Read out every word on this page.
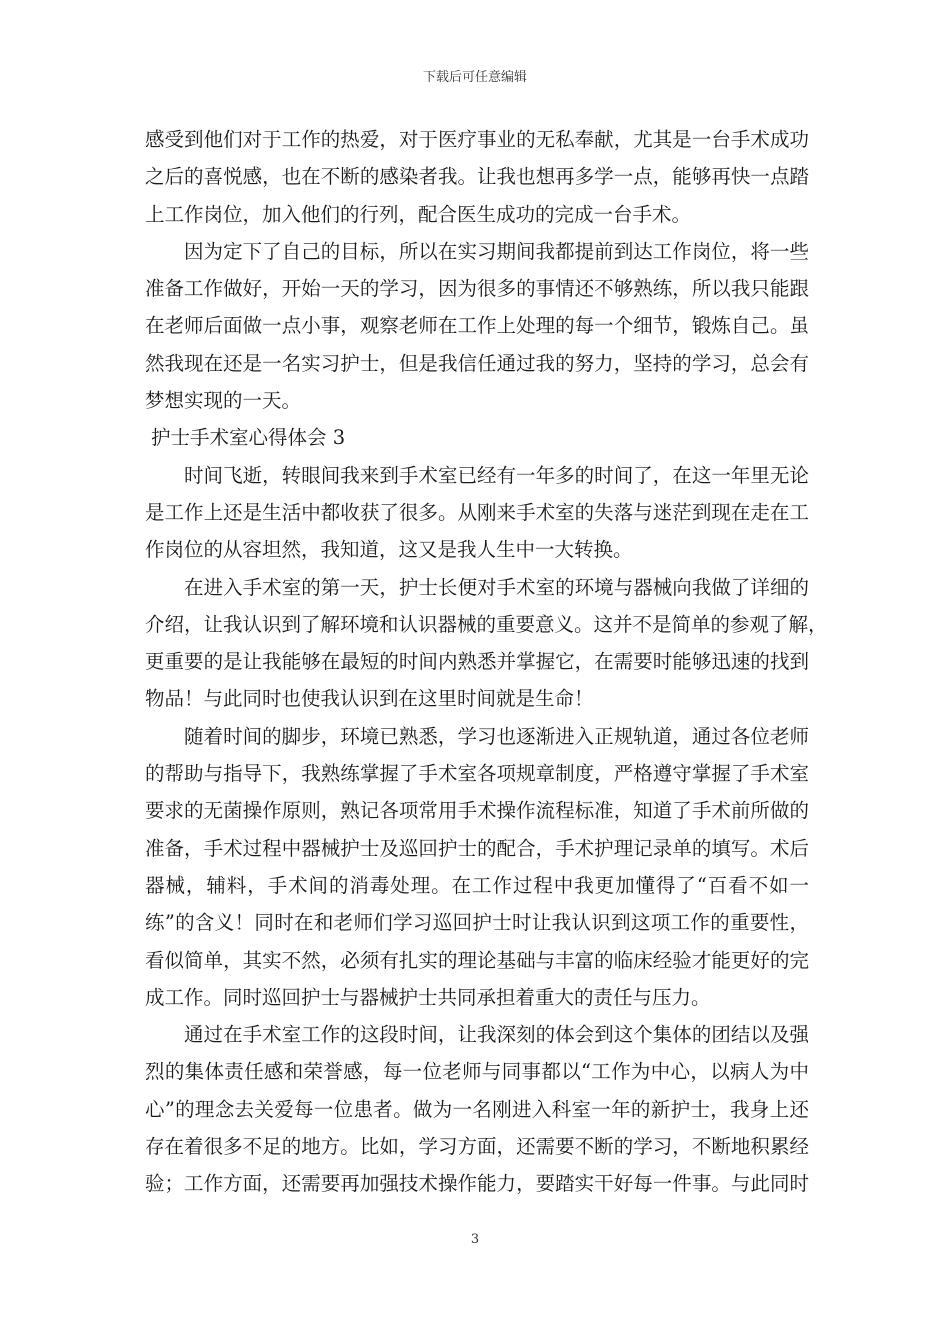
下载后可任意编辑
感受到他们对于工作的热爱，对于医疗事业的无私奉献，尤其是一台手术成功
之后的喜悦感，也在不断的感染者我。让我也想再多学一点，能够再快一点踏
上工作岗位，加入他们的行列，配合医生成功的完成一台手术。
因为定下了自己的目标，所以在实习期间我都提前到达工作岗位，将一些
准备工作做好，开始一天的学习，因为很多的事情还不够熟练，所以我只能跟
在老师后面做一点小事，观察老师在工作上处理的每一个细节，锻炼自己。虽
然我现在还是一名实习护士，但是我信任通过我的努力，坚持的学习，总会有
梦想实现的一天。
护士手术室心得体会 3
时间飞逝，转眼间我来到手术室已经有一年多的时间了，在这一年里无论
是工作上还是生活中都收获了很多。从刚来手术室的失落与迷茫到现在走在工
作岗位的从容坦然，我知道，这又是我人生中一大转换。
在进入手术室的第一天，护士长便对手术室的环境与器械向我做了详细的
介绍，让我认识到了解环境和认识器械的重要意义。这并不是简单的参观了解，
更重要的是让我能够在最短的时间内熟悉并掌握它，在需要时能够迅速的找到
物品！与此同时也使我认识到在这里时间就是生命！
随着时间的脚步，环境已熟悉，学习也逐渐进入正规轨道，通过各位老师
的帮助与指导下，我熟练掌握了手术室各项规章制度，严格遵守掌握了手术室
要求的无菌操作原则，熟记各项常用手术操作流程标准，知道了手术前所做的
准备，手术过程中器械护士及巡回护士的配合，手术护理记录单的填写。术后
器械，辅料，手术间的消毒处理。在工作过程中我更加懂得了“百看不如一
练”的含义！同时在和老师们学习巡回护士时让我认识到这项工作的重要性，
看似简单，其实不然，必须有扎实的理论基础与丰富的临床经验才能更好的完
成工作。同时巡回护士与器械护士共同承担着重大的责任与压力。
通过在手术室工作的这段时间，让我深刻的体会到这个集体的团结以及强
烈的集体责任感和荣誉感，每一位老师与同事都以“工作为中心，以病人为中
心”的理念去关爱每一位患者。做为一名刚进入科室一年的新护士，我身上还
存在着很多不足的地方。比如，学习方面，还需要不断的学习，不断地积累经
验；工作方面，还需要再加强技术操作能力，要踏实干好每一件事。与此同时
3
